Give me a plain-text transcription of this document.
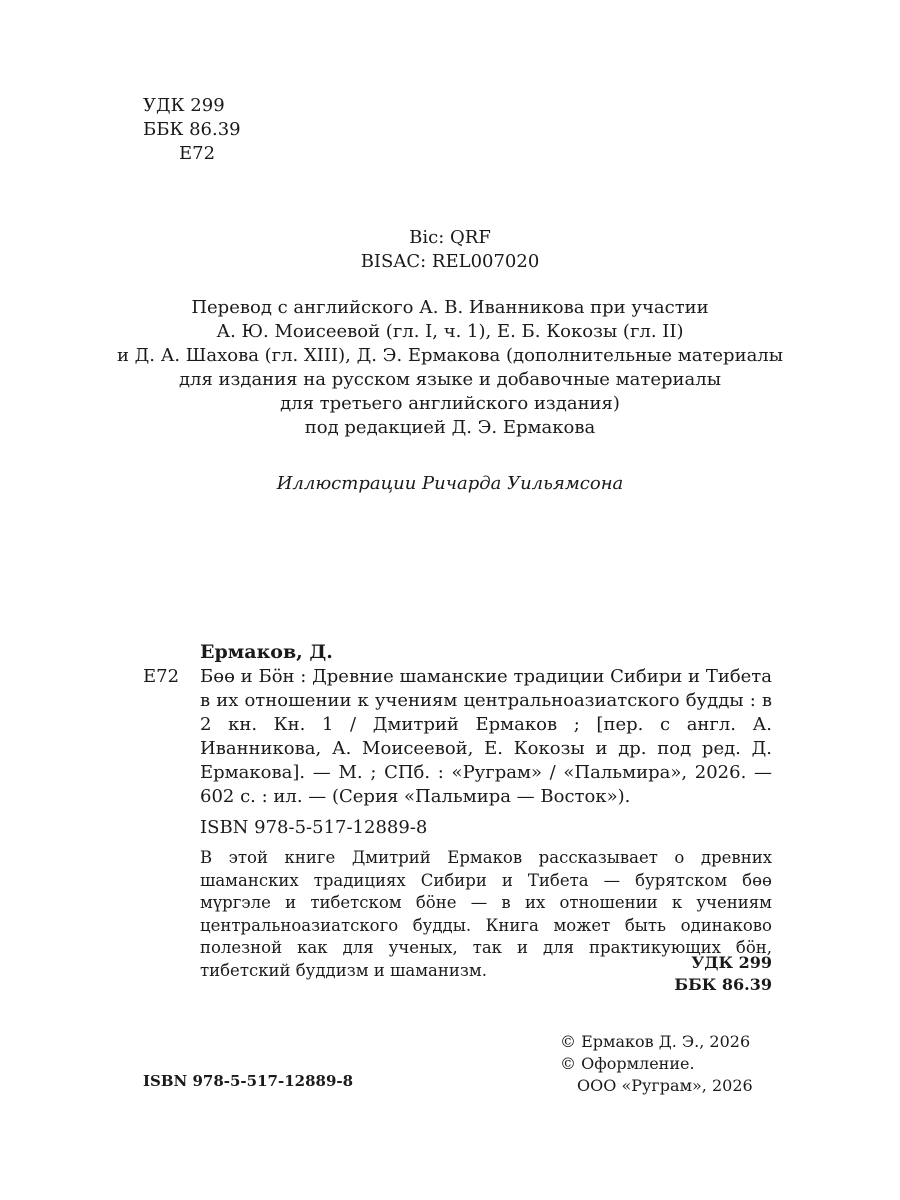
УДК 299
ББК 86.39
Е72
Bic: QRF
BISAC: REL007020
Перевод с английского А. В. Иванникова при участии
А. Ю. Моисеевой (гл. I, ч. 1), Е. Б. Кокозы (гл. II)
и Д. А. Шахова (гл. XIII), Д. Э. Ермакова (дополнительные материалы
для издания на русском языке и добавочные материалы
для третьего английского издания)
под редакцией Д. Э. Ермакова
Иллюстрации Ричарда Уильямсона
Ермаков, Д.
Е72 Бөө и Бӧн : Древние шаманские традиции Сибири и Тибета в их отношении к учениям центральноазиатского будды : в 2 кн. Кн. 1 / Дмитрий Ермаков ; [пер. с англ. А. Иванникова, А. Моисеевой, Е. Кокозы и др. под ред. Д. Ермакова]. — М. ; СПб. : «Руграм» / «Пальмира», 2026. — 602 с. : ил. — (Серия «Пальмира — Восток»).
ISBN 978-5-517-12889-8
В этой книге Дмитрий Ермаков рассказывает о древних шаманских традициях Сибири и Тибета — бурятском бөө мүргэле и тибетском бӧне — в их отношении к учениям центральноазиатского будды. Книга может быть одинаково полезной как для ученых, так и для практикующих бӧн, тибетский буддизм и шаманизм.	УДК 299
ББК 86.39
© Ермаков Д. Э., 2026
© Оформление.
ООО «Руграм», 2026
ISBN 978-5-517-12889-8
